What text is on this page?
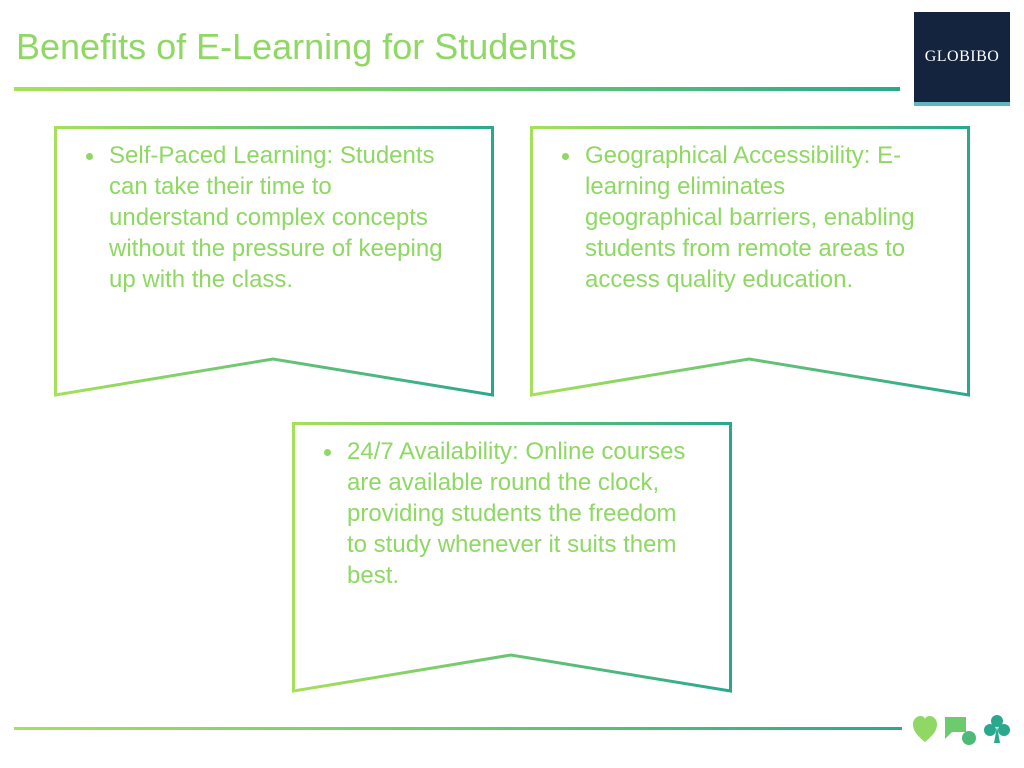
Benefits of E-Learning for Students	GLOBIBO
Self-Paced Learning: Students can take their time to understand complex concepts without the pressure of keeping up with the class.
Geographical Accessibility: E-learning eliminates geographical barriers, enabling students from remote areas to access quality education.
24/7 Availability: Online courses are available round the clock, providing students the freedom to study whenever it suits them best.
